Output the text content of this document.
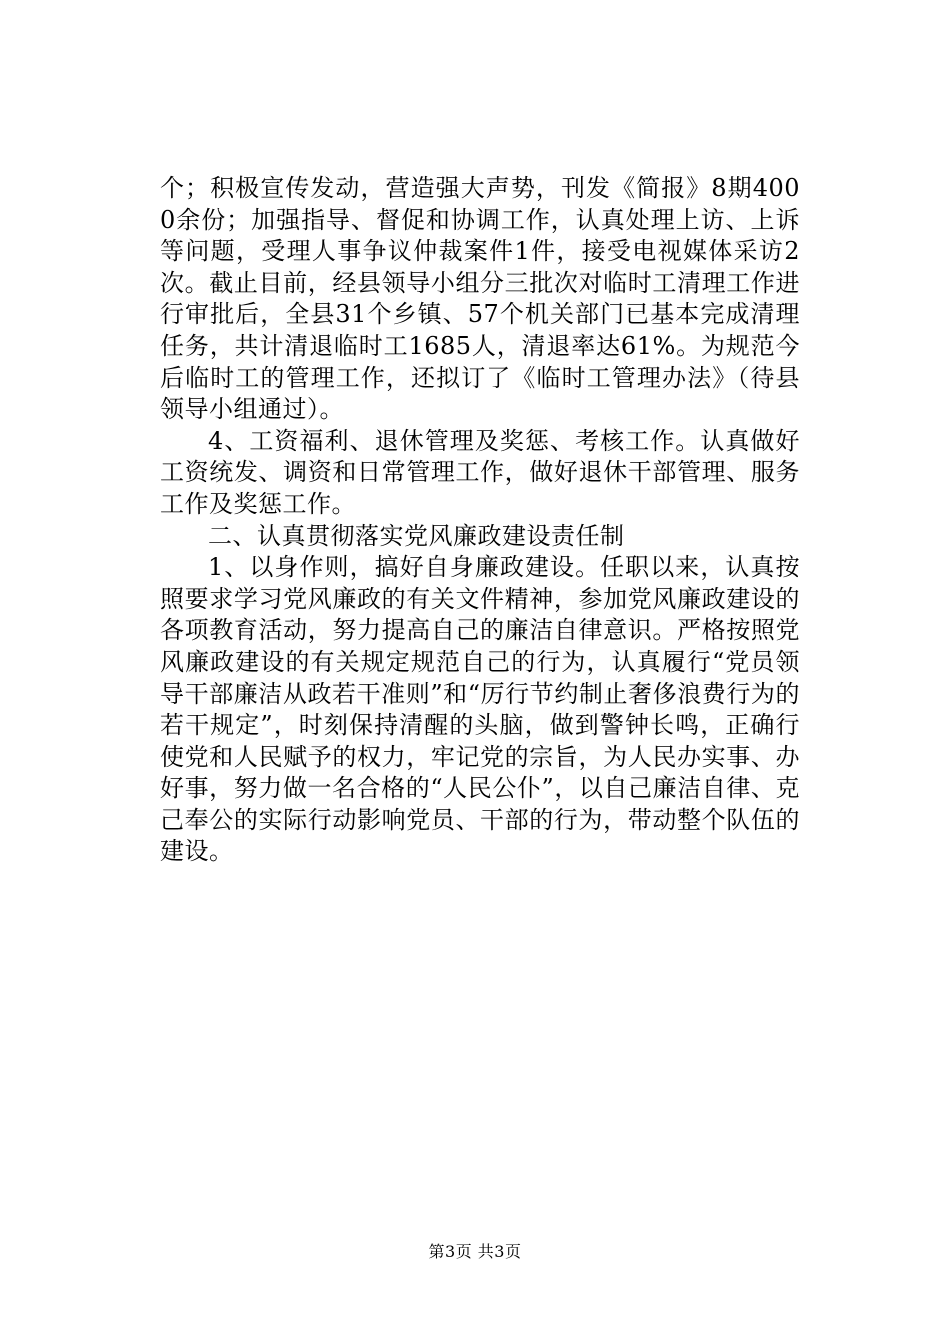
个；积极宣传发动，营造强大声势，刊发《简报》8期4000余份；加强指导、督促和协调工作，认真处理上访、上诉等问题，受理人事争议仲裁案件1件，接受电视媒体采访2次。截止目前，经县领导小组分三批次对临时工清理工作进行审批后，全县31个乡镇、57个机关部门已基本完成清理任务，共计清退临时工1685人，清退率达61%。为规范今后临时工的管理工作，还拟订了《临时工管理办法》（待县领导小组通过）。

4、工资福利、退休管理及奖惩、考核工作。认真做好工资统发、调资和日常管理工作，做好退休干部管理、服务工作及奖惩工作。

二、认真贯彻落实党风廉政建设责任制

1、以身作则，搞好自身廉政建设。任职以来，认真按照要求学习党风廉政的有关文件精神，参加党风廉政建设的各项教育活动，努力提高自己的廉洁自律意识。严格按照党风廉政建设的有关规定规范自己的行为，认真履行“党员领导干部廉洁从政若干准则”和“厉行节约制止奢侈浪费行为的若干规定”，时刻保持清醒的头脑，做到警钟长鸣，正确行使党和人民赋予的权力，牢记党的宗旨，为人民办实事、办好事，努力做一名合格的“人民公仆”，以自己廉洁自律、克己奉公的实际行动影响党员、干部的行为，带动整个队伍的建设。

第3页 共3页
